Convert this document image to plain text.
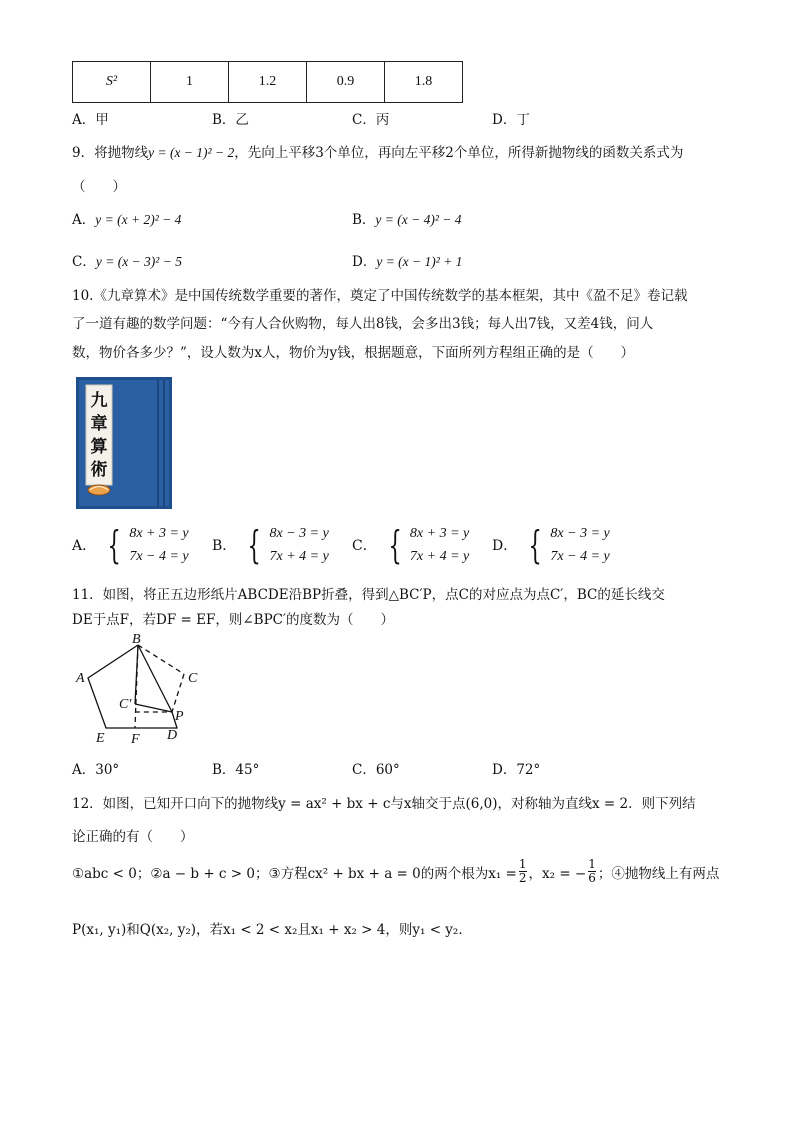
S²	1	1.2	0.9	1.8
A．甲	B．乙	C．丙	D．丁
9．将抛物线y = (x − 1)² − 2，先向上平移3个单位，再向左平移2个单位，所得新抛物线的函数关系式为
（　　）
A．y = (x + 2)² − 4	B．y = (x − 4)² − 4
C．y = (x − 3)² − 5	D．y = (x − 1)² + 1
10.《九章算术》是中国传统数学重要的著作，奠定了中国传统数学的基本框架，其中《盈不足》卷记载
了一道有趣的数学问题：“今有人合伙购物，每人出8钱，会多出3钱；每人出7钱，又差4钱，问人
数，物价各多少？”，设人数为x人，物价为y钱，根据题意，下面所列方程组正确的是（　　）
九
章
算
術
A． { 8x + 3 = y
7x − 4 = y
B． { 8x − 3 = y
7x + 4 = y
C． { 8x + 3 = y
7x + 4 = y
D． { 8x − 3 = y
7x − 4 = y
11．如图，将正五边形纸片ABCDE沿BP折叠，得到△BC′P，点C的对应点为点C′，BC的延长线交
DE于点F，若DF = EF，则∠BPC′的度数为（　　）
B
A	C
C′
P
E F D
A．30°	B．45°	C．60°	D．72°
12．如图，已知开口向下的抛物线y = ax² + bx + c与x轴交于点(6,0)，对称轴为直线x = 2．则下列结
论正确的有（　　）
①abc < 0；②a − b + c > 0；③方程cx² + bx + a = 0的两个根为$x_1 = \frac{1}{2}$ ，x₂ = − $\frac{1}{6}$ ；④抛物线上有两点
P(x₁, y₁)和Q(x₂, y₂)，若x₁ < 2 < x₂且x₁ + x₂ > 4，则y₁ < y₂．
